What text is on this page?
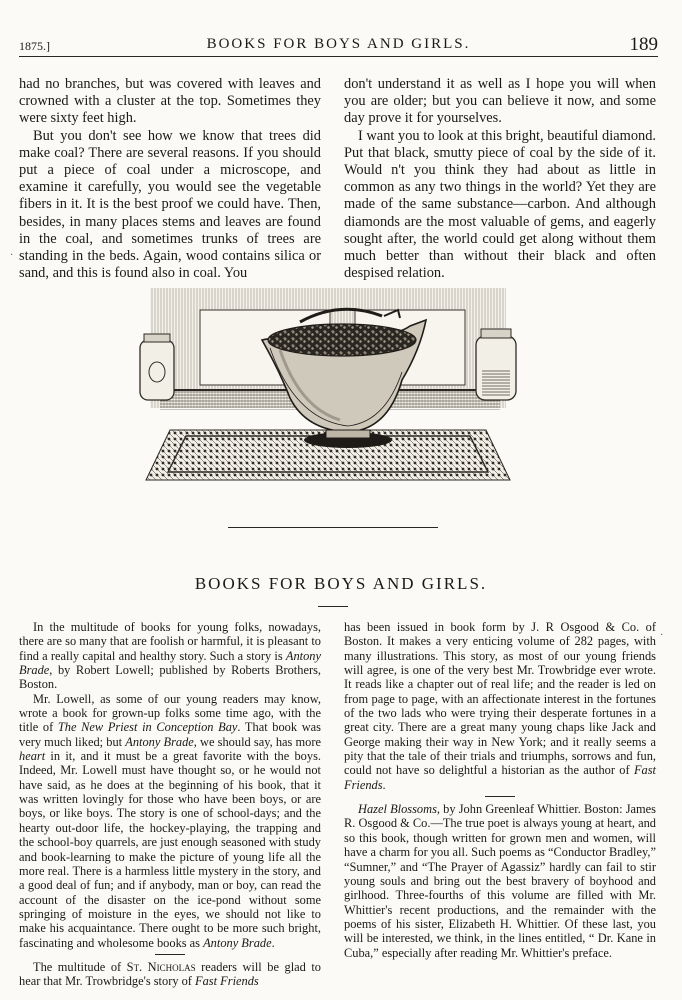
1875.]	BOOKS FOR BOYS AND GIRLS.	189

had no branches, but was covered with leaves and crowned with a cluster at the top. Sometimes they were sixty feet high.

But you don't see how we know that trees did make coal? There are several reasons. If you should put a piece of coal under a microscope, and examine it carefully, you would see the vegetable fibers in it. It is the best proof we could have. Then, besides, in many places stems and leaves are found in the coal, and sometimes trunks of trees are standing in the beds. Again, wood contains silica or sand, and this is found also in coal. You

don't understand it as well as I hope you will when you are older; but you can believe it now, and some day prove it for yourselves.

I want you to look at this bright, beautiful diamond. Put that black, smutty piece of coal by the side of it. Would n't you think they had about as little in common as any two things in the world? Yet they are made of the same substance—carbon. And although diamonds are the most valuable of gems, and eagerly sought after, the world could get along without them much better than without their black and often despised relation.

BOOKS FOR BOYS AND GIRLS.

In the multitude of books for young folks, nowadays, there are so many that are foolish or harmful, it is pleasant to find a really capital and healthy story. Such a story is Antony Brade, by Robert Lowell; published by Roberts Brothers, Boston.

Mr. Lowell, as some of our young readers may know, wrote a book for grown-up folks some time ago, with the title of The New Priest in Conception Bay. That book was very much liked; but Antony Brade, we should say, has more heart in it, and it must be a great favorite with the boys. Indeed, Mr. Lowell must have thought so, or he would not have said, as he does at the beginning of his book, that it was written lovingly for those who have been boys, or are boys, or like boys. The story is one of school-days; and the hearty out-door life, the hockey-playing, the trapping and the school-boy quarrels, are just enough seasoned with study and book-learning to make the picture of young life all the more real. There is a harmless little mystery in the story, and a good deal of fun; and if anybody, man or boy, can read the account of the disaster on the ice-pond without some springing of moisture in the eyes, we should not like to make his acquaintance. There ought to be more such bright, fascinating and wholesome books as Antony Brade.

The multitude of St. Nicholas readers will be glad to hear that Mr. Trowbridge's story of Fast Friends

has been issued in book form by J. R Osgood & Co. of Boston. It makes a very enticing volume of 282 pages, with many illustrations. This story, as most of our young friends will agree, is one of the very best Mr. Trowbridge ever wrote. It reads like a chapter out of real life; and the reader is led on from page to page, with an affectionate interest in the fortunes of the two lads who were trying their desperate fortunes in a great city. There are a great many young chaps like Jack and George making their way in New York; and it really seems a pity that the tale of their trials and triumphs, sorrows and fun, could not have so delightful a historian as the author of Fast Friends.

Hazel Blossoms, by John Greenleaf Whittier. Boston: James R. Osgood & Co.—The true poet is always young at heart, and so this book, though written for grown men and women, will have a charm for you all. Such poems as “Conductor Bradley,” “Sumner,” and “The Prayer of Agassiz” hardly can fail to stir young souls and bring out the best bravery of boyhood and girlhood. Three-fourths of this volume are filled with Mr. Whittier's recent productions, and the remainder with the poems of his sister, Elizabeth H. Whittier. Of these last, you will be interested, we think, in the lines entitled, “ Dr. Kane in Cuba,” especially after reading Mr. Whittier's preface.

·
·
